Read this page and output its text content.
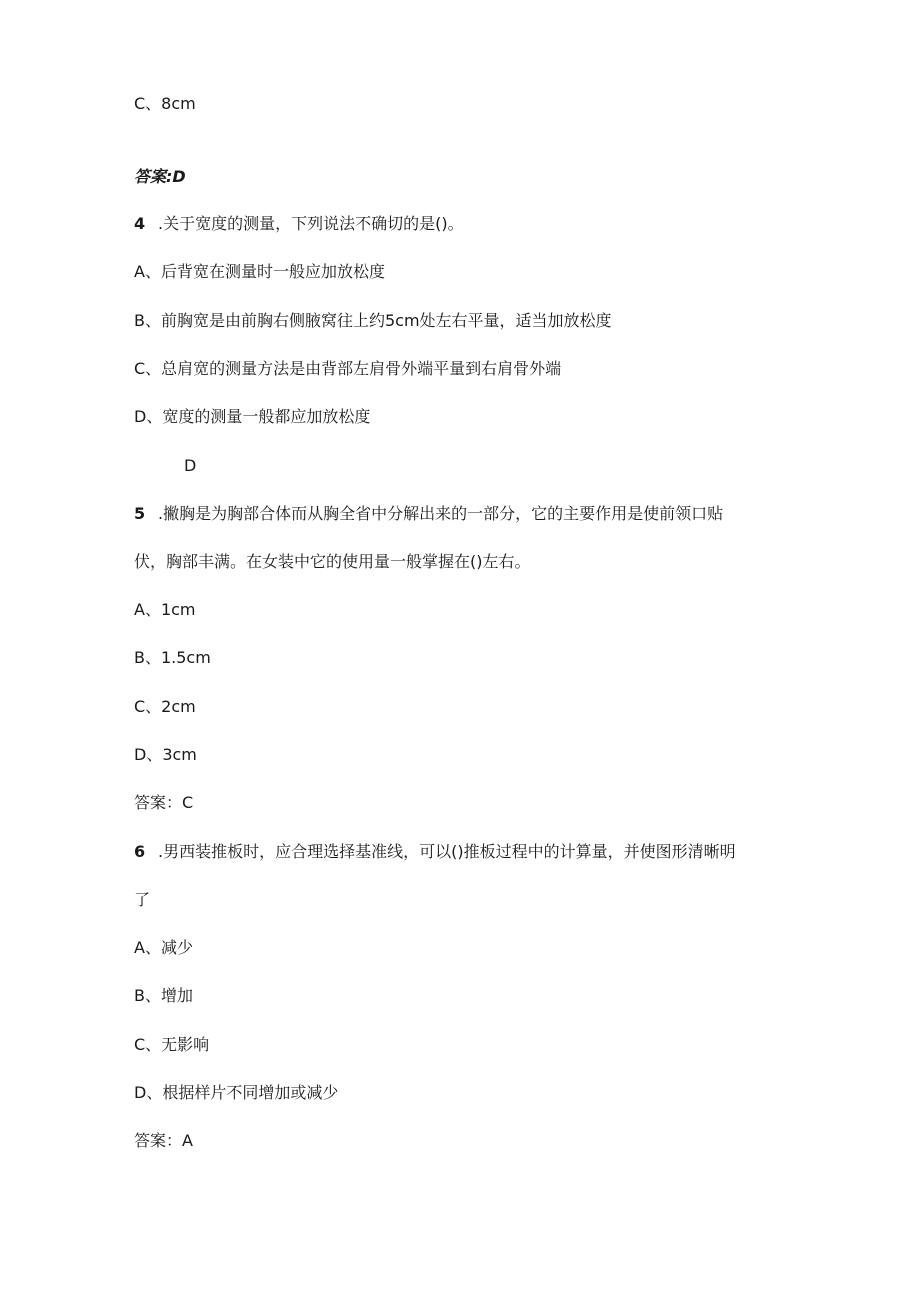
C、8cm
答案:D
4 .关于宽度的测量，下列说法不确切的是()。
A、后背宽在测量时一般应加放松度
B、前胸宽是由前胸右侧腋窝往上约5cm处左右平量，适当加放松度
C、总肩宽的测量方法是由背部左肩骨外端平量到右肩骨外端
D、宽度的测量一般都应加放松度
D
5 .撇胸是为胸部合体而从胸全省中分解出来的一部分，它的主要作用是使前领口贴
伏，胸部丰满。在女装中它的使用量一般掌握在()左右。
A、1cm
B、1.5cm
C、2cm
D、3cm
答案：C
6 .男西装推板时，应合理选择基准线，可以()推板过程中的计算量，并使图形清晰明
了
A、减少
B、增加
C、无影响
D、根据样片不同增加或减少
答案：A
